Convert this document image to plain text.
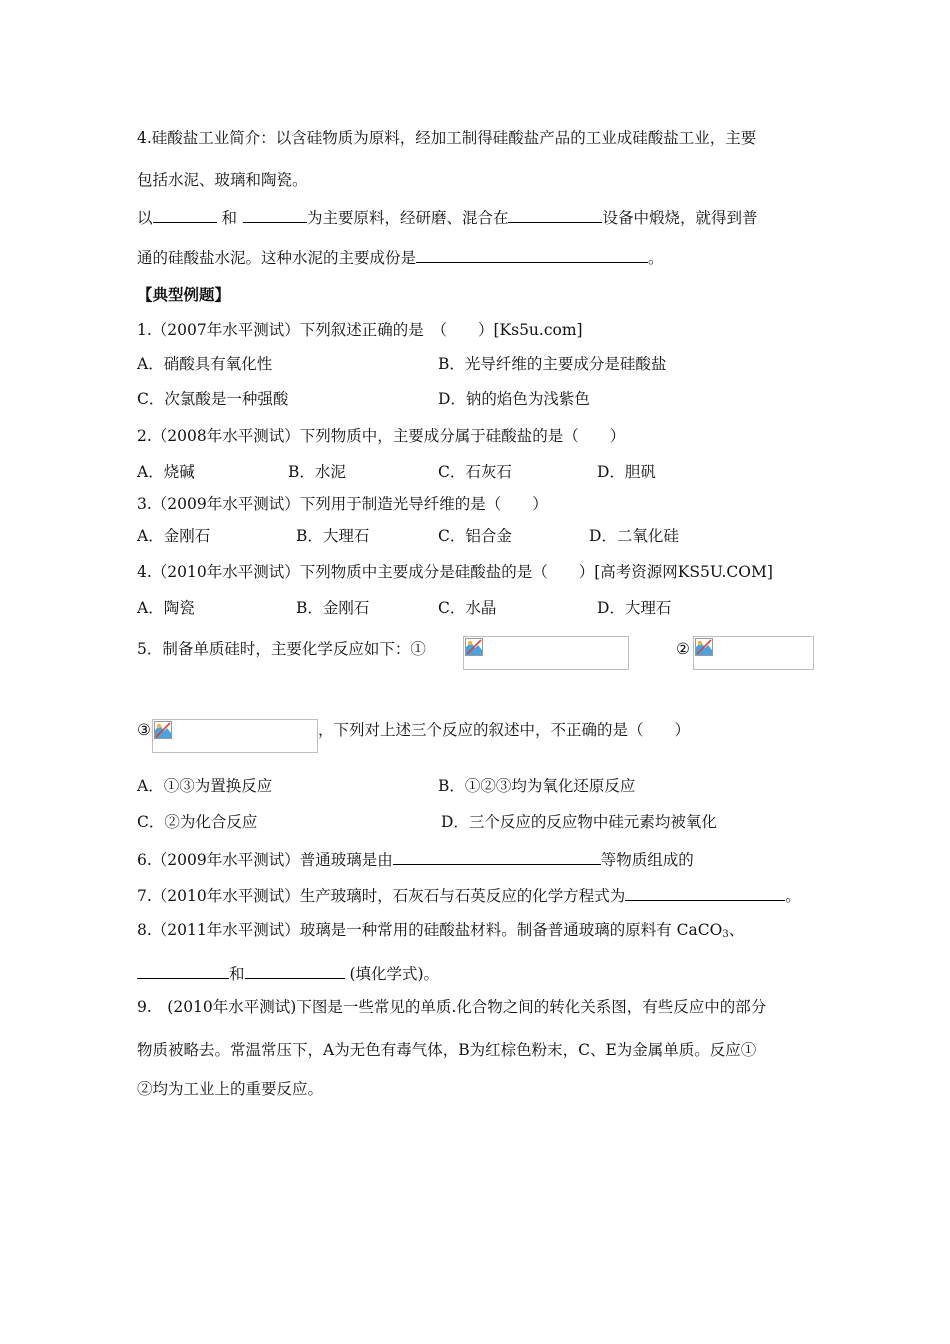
4.硅酸盐工业简介：以含硅物质为原料，经加工制得硅酸盐产品的工业成硅酸盐工业，主要
包括水泥、玻璃和陶瓷。
以	和	为主要原料，经研磨、混合在	设备中煅烧，就得到普
通的硅酸盐水泥。这种水泥的主要成份是	。
【典型例题】
1.（2007年水平测试）下列叙述正确的是　（　　）[Ks5u.com]
A．硝酸具有氧化性	B．光导纤维的主要成分是硅酸盐
C．次氯酸是一种强酸	D．钠的焰色为浅紫色
2.（2008年水平测试）下列物质中，主要成分属于硅酸盐的是（　　）
A．烧碱	B．水泥	C．石灰石	D．胆矾
3.（2009年水平测试）下列用于制造光导纤维的是（　　）
A．金刚石	B．大理石	C．铝合金	D．二氧化硅
4.（2010年水平测试）下列物质中主要成分是硅酸盐的是（　　）[高考资源网KS5U.COM]
A．陶瓷	B．金刚石	C．水晶	D．大理石
5．制备单质硅时，主要化学反应如下：①	②
③	，下列对上述三个反应的叙述中，不正确的是（　　）
A．①③为置换反应	B．①②③均为氧化还原反应
C．②为化合反应	D．三个反应的反应物中硅元素均被氧化
6.（2009年水平测试）普通玻璃是由	等物质组成的
7.（2010年水平测试）生产玻璃时，石灰石与石英反应的化学方程式为	。
8.（2011年水平测试）玻璃是一种常用的硅酸盐材料。制备普通玻璃的原料有 CaCO$_3$、
和	(填化学式)。
9.　(2010年水平测试)下图是一些常见的单质.化合物之间的转化关系图，有些反应中的部分
物质被略去。常温常压下，A为无色有毒气体，B为红棕色粉末，C、E为金属单质。反应①
②均为工业上的重要反应。
